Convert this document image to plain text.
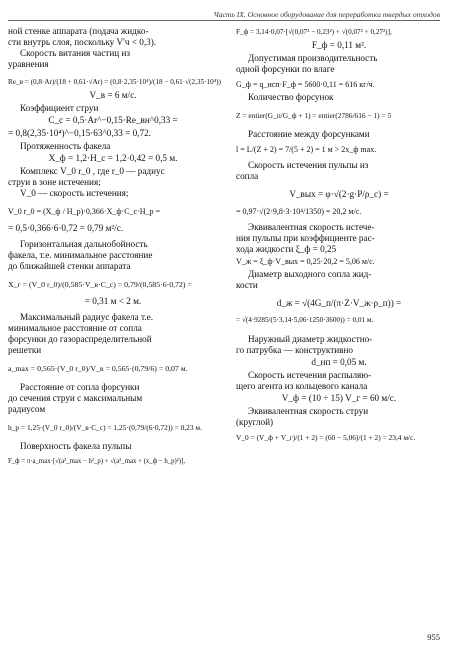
Часть IX. Основное оборудование для переработки твердых отходов

ной стенке аппарата (подача жидко-

сти внутрь слоя, поскольку V'ч < 0,3).

Скорость витания частиц из

уравнения

Re_в = (0,8·Ar)/(18 + 0,61·√Ar) = (0,8·2,35·10⁴)/(18 − 0,61·√(2,35·10⁴))

V_в = 6 м/с.

Коэффициент струи

C_c = 0,5·Ar^−0,15·Re_вн^0,33 =

= 0,8(2,35·10⁴)^−0,15·63^0,33 = 0,72.

Протяженность факела

X_ф = 1,2·H_c = 1,2·0,42 = 0,5 м.

Комплекс V_0 r_0 , где r_0 — радиус

струи в зоне истечения;

V_0 — скорость истечения;

V_0 r_0 = (X_ф / H_p)·0,366·X_ф·C_c·H_p =

= 0,5·0,366·6·0,72 = 0,79 м²/с.

Горизонтальная дальнобойность

факела, т.е. минимальное расстояние

до ближайшей стенки аппарата

X_г = (V_0 r_0)/(0,585·V_в·C_c) = 0,79/(0,585·6·0,72) =

= 0,31 м < 2 м.

Максимальный радиус факела т.е.

минимальное расстояние от сопла

форсунки до газораспределительной

решетки

a_max = 0,565·(V_0 r_0)/V_в = 0,565·(0,79/6) = 0,07 м.

Расстояние от сопла форсунки

до сечения струи с максимальным

радиусом

h_р = 1,25·(V_0 r_0)/(V_в·C_c) = 1,25·(0,79/(6·0,72)) = 0,23 м.

Поверхность факела пульпы

F_ф = π·a_max·[√(a²_max − h²_р) + √(a²_max + (x_ф − h_р)²)],

F_ф = 3,14·0,07·[√(0,07² − 0,23²) + √(0,07² + 0,27²)],

F_ф = 0,11 м².

Допустимая производительность

одной форсунки по влаге

G_ф = q_исп·F_ф = 5600·0,11 = 616 кг/ч.

Количество форсунок

Z = entier(G_п/G_ф + 1) = entier(2786/616 − 1) = 5

Расстояние между форсунками

l = L/(Z + 2) = 7/(5 + 2) = 1 м > 2x_ф max.

Скорость истечения пульпы из

сопла

V_вых = φ·√(2·g·P/ρ_c) =

= 0,97·√(2·9,8·3·10⁴/1350) = 20,2 м/с.

Эквивалентная скорость истече-

ния пульпы при коэффициенте рас-

хода жидкости ξ_ф = 0,25

V_ж = ξ_ф·V_вых = 0,25·20,2 = 5,06 м/с.

Диаметр выходного сопла жид-

кости

d_ж = √(4G_п/(π·Z·V_ж·ρ_п)) =

= √(4·9285/(5·3,14·5,06·1250·3600)) = 0,01 м.

Наружный диаметр жидкостно-

го патрубка — конструктивно

d_нп = 0,05 м.

Скорость истечения распыляю-

щего агента из кольцевого канала

V_ф = (10 ÷ 15) V_г = 60 м/с.

Эквивалентная скорость струи

(круглой)

V_0 = (V_ф + V_г)/(1 + 2) = (60 − 5,06)/(1 + 2) = 23,4 м/с.

955
